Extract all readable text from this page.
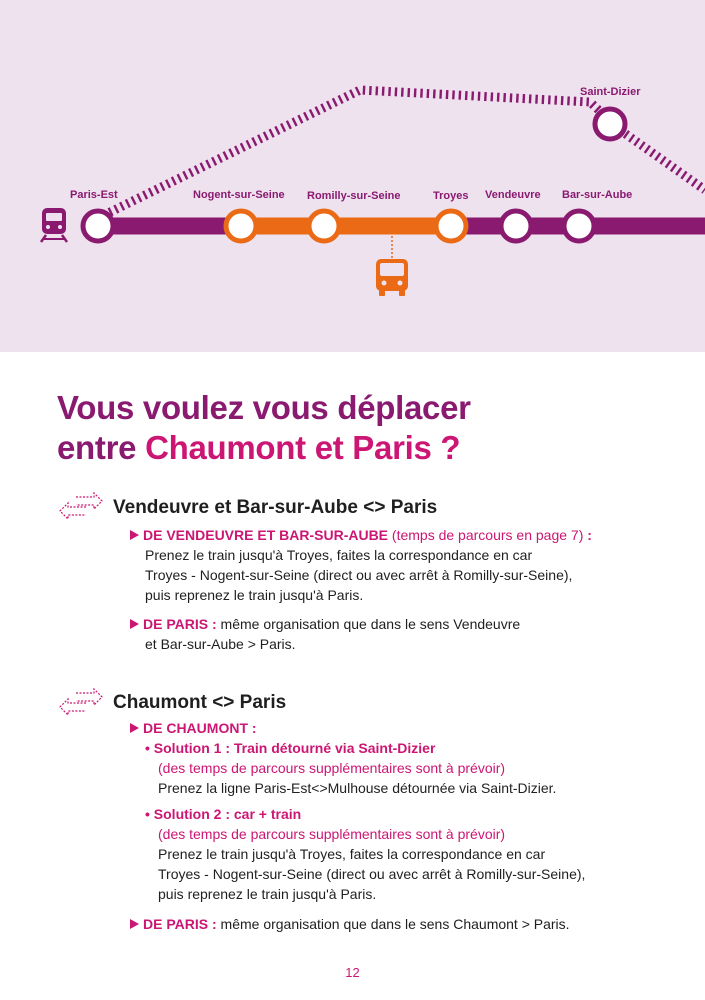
Paris-Est	Nogent-sur-Seine Romilly-sur-Seine	Troyes Vendeuvre Bar-sur-Aube
Saint-Dizier
Vous voulez vous déplacer
entre Chaumont et Paris ?
Vendeuvre et Bar-sur-Aube <> Paris
DE VENDEUVRE ET BAR-SUR-AUBE (temps de parcours en page 7) :

Prenez le train jusqu'à Troyes, faites la correspondance en car
Troyes - Nogent-sur-Seine (direct ou avec arrêt à Romilly-sur-Seine),
puis reprenez le train jusqu'à Paris.
DE PARIS : même organisation que dans le sens Vendeuvre

et Bar-sur-Aube > Paris.
Chaumont <> Paris
DE CHAUMONT :
• Solution 1 : Train détourné via Saint-Dizier

(des temps de parcours supplémentaires sont à prévoir)
Prenez la ligne Paris-Est<>Mulhouse détournée via Saint-Dizier.
• Solution 2 : car + train

(des temps de parcours supplémentaires sont à prévoir)
Prenez le train jusqu'à Troyes, faites la correspondance en car
Troyes - Nogent-sur-Seine (direct ou avec arrêt à Romilly-sur-Seine),
puis reprenez le train jusqu'à Paris.
DE PARIS : même organisation que dans le sens Chaumont > Paris.
12
